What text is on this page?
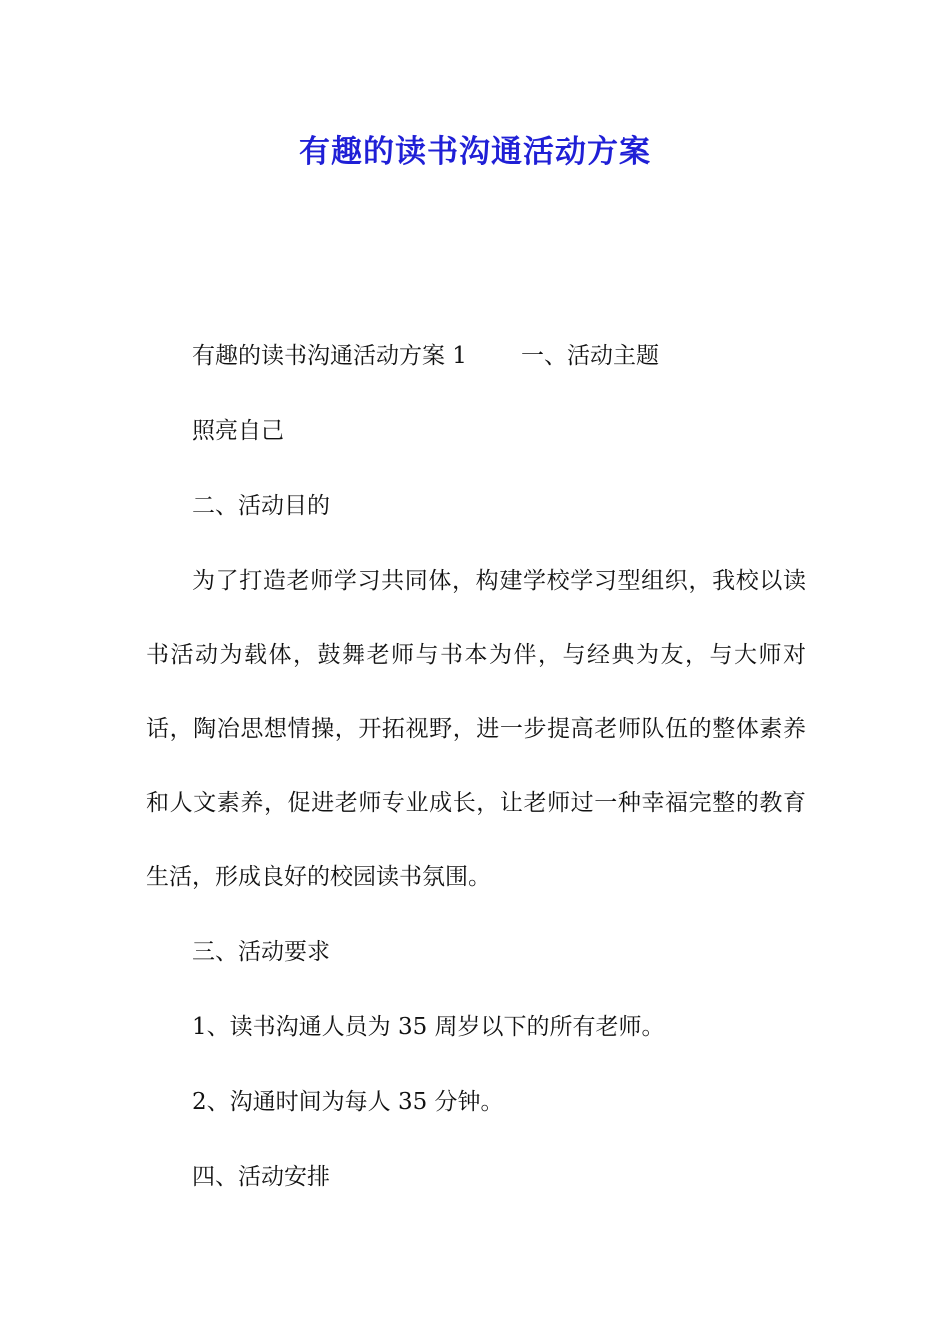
有趣的读书沟通活动方案

有趣的读书沟通活动方案 1 一、活动主题

照亮自己

二、活动目的

为了打造老师学习共同体，构建学校学习型组织，我校以读书活动为载体，鼓舞老师与书本为伴，与经典为友，与大师对话，陶冶思想情操，开拓视野，进一步提高老师队伍的整体素养和人文素养，促进老师专业成长，让老师过一种幸福完整的教育生活，形成良好的校园读书氛围。

三、活动要求

1、读书沟通人员为 35 周岁以下的所有老师。

2、沟通时间为每人 35 分钟。

四、活动安排
